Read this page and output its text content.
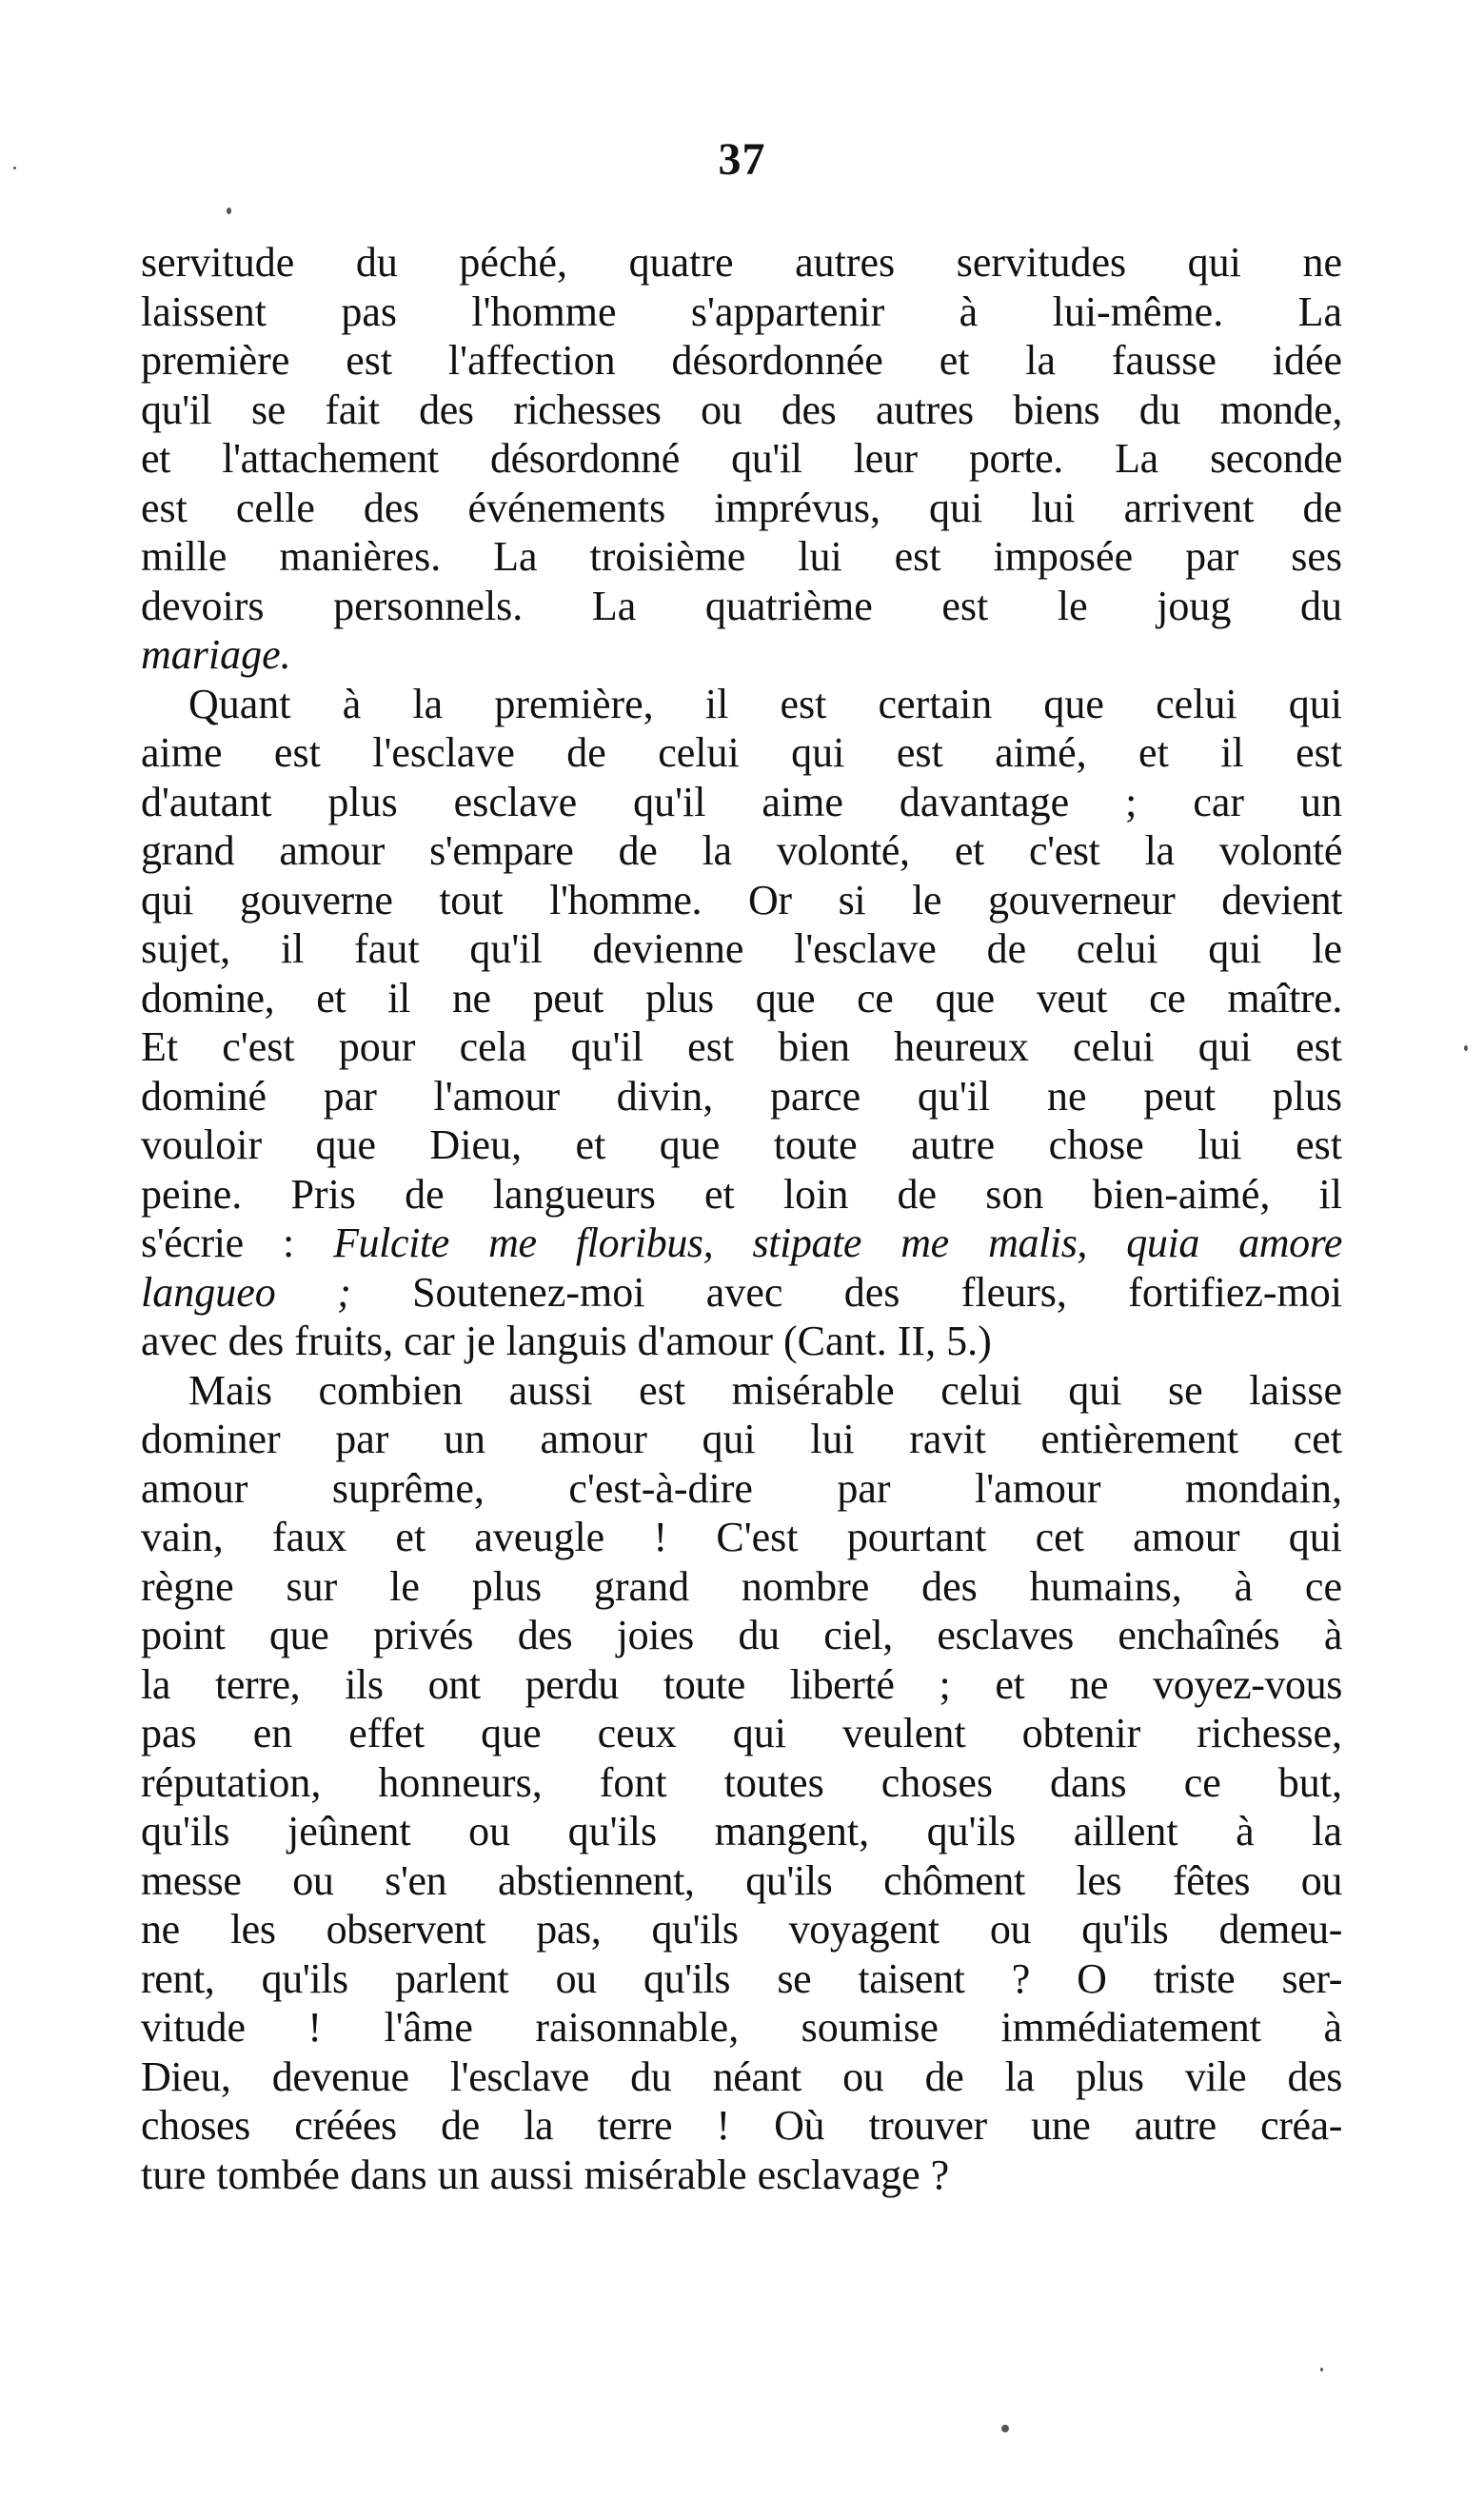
37
servitude du péché, quatre autres servitudes qui ne
laissent pas l'homme s'appartenir à lui-même. La
première est l'affection désordonnée et la fausse idée
qu'il se fait des richesses ou des autres biens du monde,
et l'attachement désordonné qu'il leur porte. La seconde
est celle des événements imprévus, qui lui arrivent de
mille manières. La troisième lui est imposée par ses
devoirs personnels. La quatrième est le joug du
mariage.
Quant à la première, il est certain que celui qui
aime est l'esclave de celui qui est aimé, et il est
d'autant plus esclave qu'il aime davantage ; car un
grand amour s'empare de la volonté, et c'est la volonté
qui gouverne tout l'homme. Or si le gouverneur devient
sujet, il faut qu'il devienne l'esclave de celui qui le
domine, et il ne peut plus que ce que veut ce maître.
Et c'est pour cela qu'il est bien heureux celui qui est
dominé par l'amour divin, parce qu'il ne peut plus
vouloir que Dieu, et que toute autre chose lui est
peine. Pris de langueurs et loin de son bien-aimé, il
s'écrie : Fulcite me floribus, stipate me malis, quia amore
langueo ; Soutenez-moi avec des fleurs, fortifiez-moi
avec des fruits, car je languis d'amour (Cant. II, 5.)
Mais combien aussi est misérable celui qui se laisse
dominer par un amour qui lui ravit entièrement cet
amour suprême, c'est-à-dire par l'amour mondain,
vain, faux et aveugle ! C'est pourtant cet amour qui
règne sur le plus grand nombre des humains, à ce
point que privés des joies du ciel, esclaves enchaînés à
la terre, ils ont perdu toute liberté ; et ne voyez-vous
pas en effet que ceux qui veulent obtenir richesse,
réputation, honneurs, font toutes choses dans ce but,
qu'ils jeûnent ou qu'ils mangent, qu'ils aillent à la
messe ou s'en abstiennent, qu'ils chôment les fêtes ou
ne les observent pas, qu'ils voyagent ou qu'ils demeu-
rent, qu'ils parlent ou qu'ils se taisent ? O triste ser-
vitude ! l'âme raisonnable, soumise immédiatement à
Dieu, devenue l'esclave du néant ou de la plus vile des
choses créées de la terre ! Où trouver une autre créa-
ture tombée dans un aussi misérable esclavage ?
